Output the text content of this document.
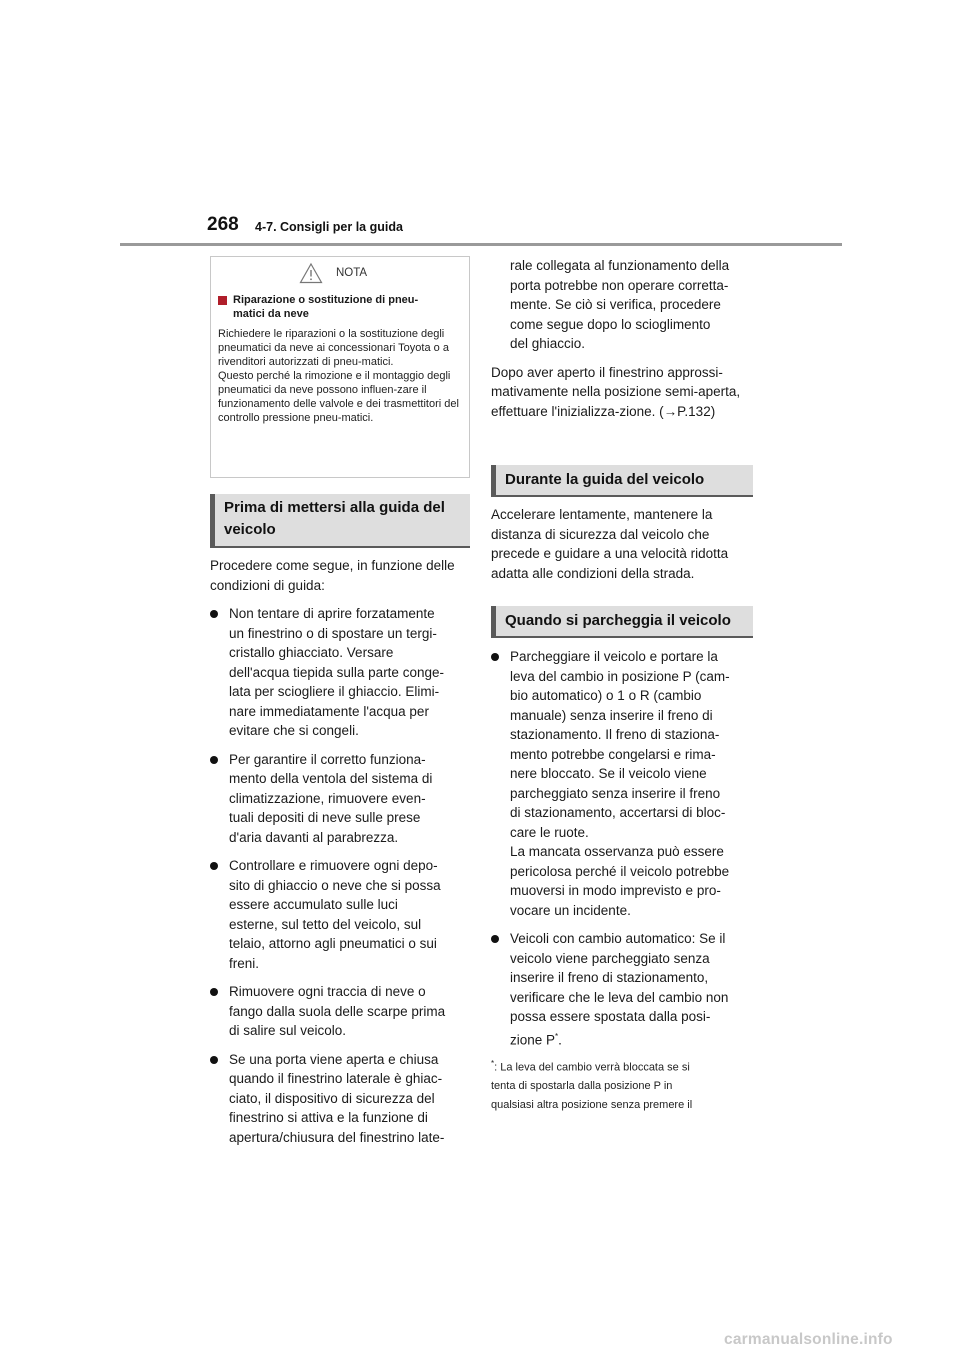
268 4-7. Consigli per la guida
NOTA
Riparazione o sostituzione di pneu-
matici da neve
Richiedere le riparazioni o la sostituzione degli pneumatici da neve ai concessionari Toyota o a rivenditori autorizzati di pneu-matici.
Questo perché la rimozione e il montaggio degli pneumatici da neve possono influen-zare il funzionamento delle valvole e dei trasmettitori del controllo pressione pneu-matici.
Prima di mettersi alla guida del veicolo
Procedere come segue, in funzione delle condizioni di guida:
Non tentare di aprire forzatamente
un finestrino o di spostare un tergi-
cristallo ghiacciato. Versare
dell'acqua tiepida sulla parte conge-
lata per sciogliere il ghiaccio. Elimi-
nare immediatamente l'acqua per
evitare che si congeli.
Per garantire il corretto funziona-
mento della ventola del sistema di
climatizzazione, rimuovere even-
tuali depositi di neve sulle prese
d'aria davanti al parabrezza.
Controllare e rimuovere ogni depo-
sito di ghiaccio o neve che si possa
essere accumulato sulle luci
esterne, sul tetto del veicolo, sul
telaio, attorno agli pneumatici o sui
freni.
Rimuovere ogni traccia di neve o
fango dalla suola delle scarpe prima
di salire sul veicolo.
Se una porta viene aperta e chiusa
quando il finestrino laterale è ghiac-
ciato, il dispositivo di sicurezza del
finestrino si attiva e la funzione di
apertura/chiusura del finestrino late-
rale collegata al funzionamento della
porta potrebbe non operare corretta-
mente. Se ciò si verifica, procedere
come segue dopo lo scioglimento
del ghiaccio.
Dopo aver aperto il finestrino approssi-mativamente nella posizione semi-aperta, effettuare l'inizializza-zione. (→P.132)
Durante la guida del veicolo
Accelerare lentamente, mantenere la distanza di sicurezza dal veicolo che precede e guidare a una velocità ridotta adatta alle condizioni della strada.
Quando si parcheggia il veicolo
Parcheggiare il veicolo e portare la
leva del cambio in posizione P (cam-
bio automatico) o 1 o R (cambio
manuale) senza inserire il freno di
stazionamento. Il freno di staziona-
mento potrebbe congelarsi e rima-
nere bloccato. Se il veicolo viene
parcheggiato senza inserire il freno
di stazionamento, accertarsi di bloc-
care le ruote.
La mancata osservanza può essere
pericolosa perché il veicolo potrebbe
muoversi in modo imprevisto e pro-
vocare un incidente.
Veicoli con cambio automatico: Se il
veicolo viene parcheggiato senza
inserire il freno di stazionamento,
verificare che le leva del cambio non
possa essere spostata dalla posi-
zione P*.
*: La leva del cambio verrà bloccata se si
tenta di spostarla dalla posizione P in
qualsiasi altra posizione senza premere il
carmanualsonline.info
